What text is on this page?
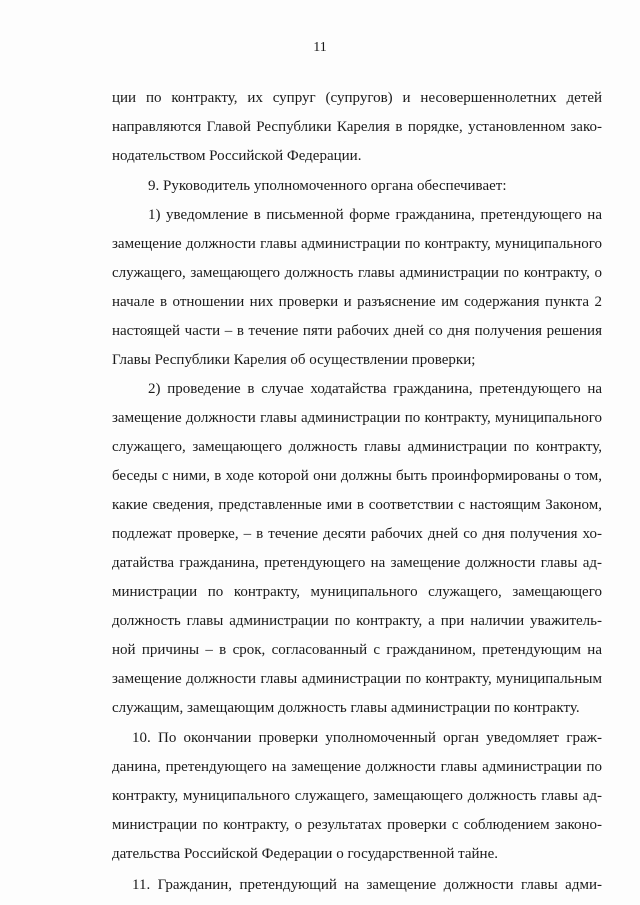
11

ции по контракту, их супруг (супругов) и несовершеннолетних детей

направляются Главой Республики Карелия в порядке, установленном зако-

нодательством Российской Федерации.

9. Руководитель уполномоченного органа обеспечивает:

1) уведомление в письменной форме гражданина, претендующего на

замещение должности главы администрации по контракту, муниципального

служащего, замещающего должность главы администрации по контракту, о

начале в отношении них проверки и разъяснение им содержания пункта 2

настоящей части – в течение пяти рабочих дней со дня получения решения

Главы Республики Карелия об осуществлении проверки;

2) проведение в случае ходатайства гражданина, претендующего на

замещение должности главы администрации по контракту, муниципального

служащего, замещающего должность главы администрации по контракту,

беседы с ними, в ходе которой они должны быть проинформированы о том,

какие сведения, представленные ими в соответствии с настоящим Законом,

подлежат проверке, – в течение десяти рабочих дней со дня получения хо-

датайства гражданина, претендующего на замещение должности главы ад-

министрации по контракту, муниципального служащего, замещающего

должность главы администрации по контракту, а при наличии уважитель-

ной причины – в срок, согласованный с гражданином, претендующим на

замещение должности главы администрации по контракту, муниципальным

служащим, замещающим должность главы администрации по контракту.

10. По окончании проверки уполномоченный орган уведомляет граж-

данина, претендующего на замещение должности главы администрации по

контракту, муниципального служащего, замещающего должность главы ад-

министрации по контракту, о результатах проверки с соблюдением законо-

дательства Российской Федерации о государственной тайне.

11. Гражданин, претендующий на замещение должности главы адми-
